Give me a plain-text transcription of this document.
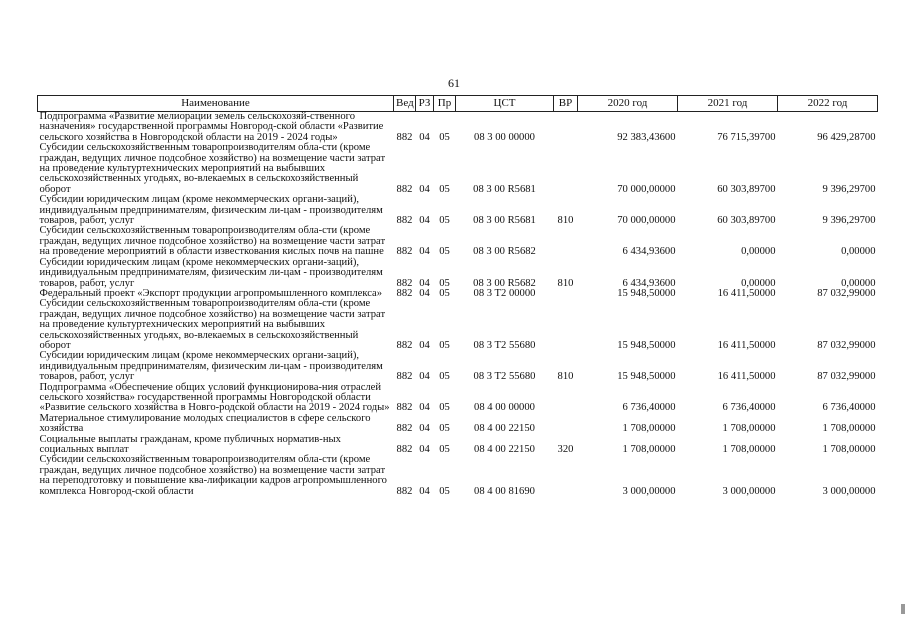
61
Наименование	Вед	РЗ	Пр	ЦСТ	ВР	2020 год	2021 год	2022 год
Подпрограмма «Развитие мелиорации земель сельскохозяй-ственного назначения» государственной программы Новгород-ской области «Развитие сельского хозяйства в Новгородской области на 2019 - 2024 годы»	882	04	05	08 3 00 00000		92 383,43600	76 715,39700	96 429,28700
Субсидии сельскохозяйственным товаропроизводителям обла-сти (кроме граждан, ведущих личное подсобное хозяйство) на возмещение части затрат на проведение культуртехнических мероприятий на выбывших сельскохозяйственных угодьях, во-влекаемых в сельскохозяйственный оборот	882	04	05	08 3 00 R5681		70 000,00000	60 303,89700	9 396,29700
Субсидии юридическим лицам (кроме некоммерческих органи-заций), индивидуальным предпринимателям, физическим ли-цам - производителям товаров, работ, услуг	882	04	05	08 3 00 R5681	810	70 000,00000	60 303,89700	9 396,29700
Субсидии сельскохозяйственным товаропроизводителям обла-сти (кроме граждан, ведущих личное подсобное хозяйство) на возмещение части затрат на проведение мероприятий в области известкования кислых почв на пашне	882	04	05	08 3 00 R5682		6 434,93600	0,00000	0,00000
Субсидии юридическим лицам (кроме некоммерческих органи-заций), индивидуальным предпринимателям, физическим ли-цам - производителям товаров, работ, услуг	882	04	05	08 3 00 R5682	810	6 434,93600	0,00000	0,00000
Федеральный проект «Экспорт продукции агропромышленного комплекса»	882	04	05	08 3 T2 00000		15 948,50000	16 411,50000	87 032,99000
Субсидии сельскохозяйственным товаропроизводителям обла-сти (кроме граждан, ведущих личное подсобное хозяйство) на возмещение части затрат на проведение культуртехнических мероприятий на выбывших сельскохозяйственных угодьях, во-влекаемых в сельскохозяйственный оборот	882	04	05	08 3 T2 55680		15 948,50000	16 411,50000	87 032,99000
Субсидии юридическим лицам (кроме некоммерческих органи-заций), индивидуальным предпринимателям, физическим ли-цам - производителям товаров, работ, услуг	882	04	05	08 3 T2 55680	810	15 948,50000	16 411,50000	87 032,99000
Подпрограмма «Обеспечение общих условий функционирова-ния отраслей сельского хозяйства» государственной программы Новгородской области «Развитие сельского хозяйства в Новго-родской области на 2019 - 2024 годы»	882	04	05	08 4 00 00000		6 736,40000	6 736,40000	6 736,40000
Материальное стимулирование молодых специалистов в сфере сельского хозяйства	882	04	05	08 4 00 22150		1 708,00000	1 708,00000	1 708,00000
Социальные выплаты гражданам, кроме публичных норматив-ных социальных выплат	882	04	05	08 4 00 22150	320	1 708,00000	1 708,00000	1 708,00000
Субсидии сельскохозяйственным товаропроизводителям обла-сти (кроме граждан, ведущих личное подсобное хозяйство) на возмещение части затрат на переподготовку и повышение ква-лификации кадров агропромышленного комплекса Новгород-ской области	882	04	05	08 4 00 81690		3 000,00000	3 000,00000	3 000,00000
